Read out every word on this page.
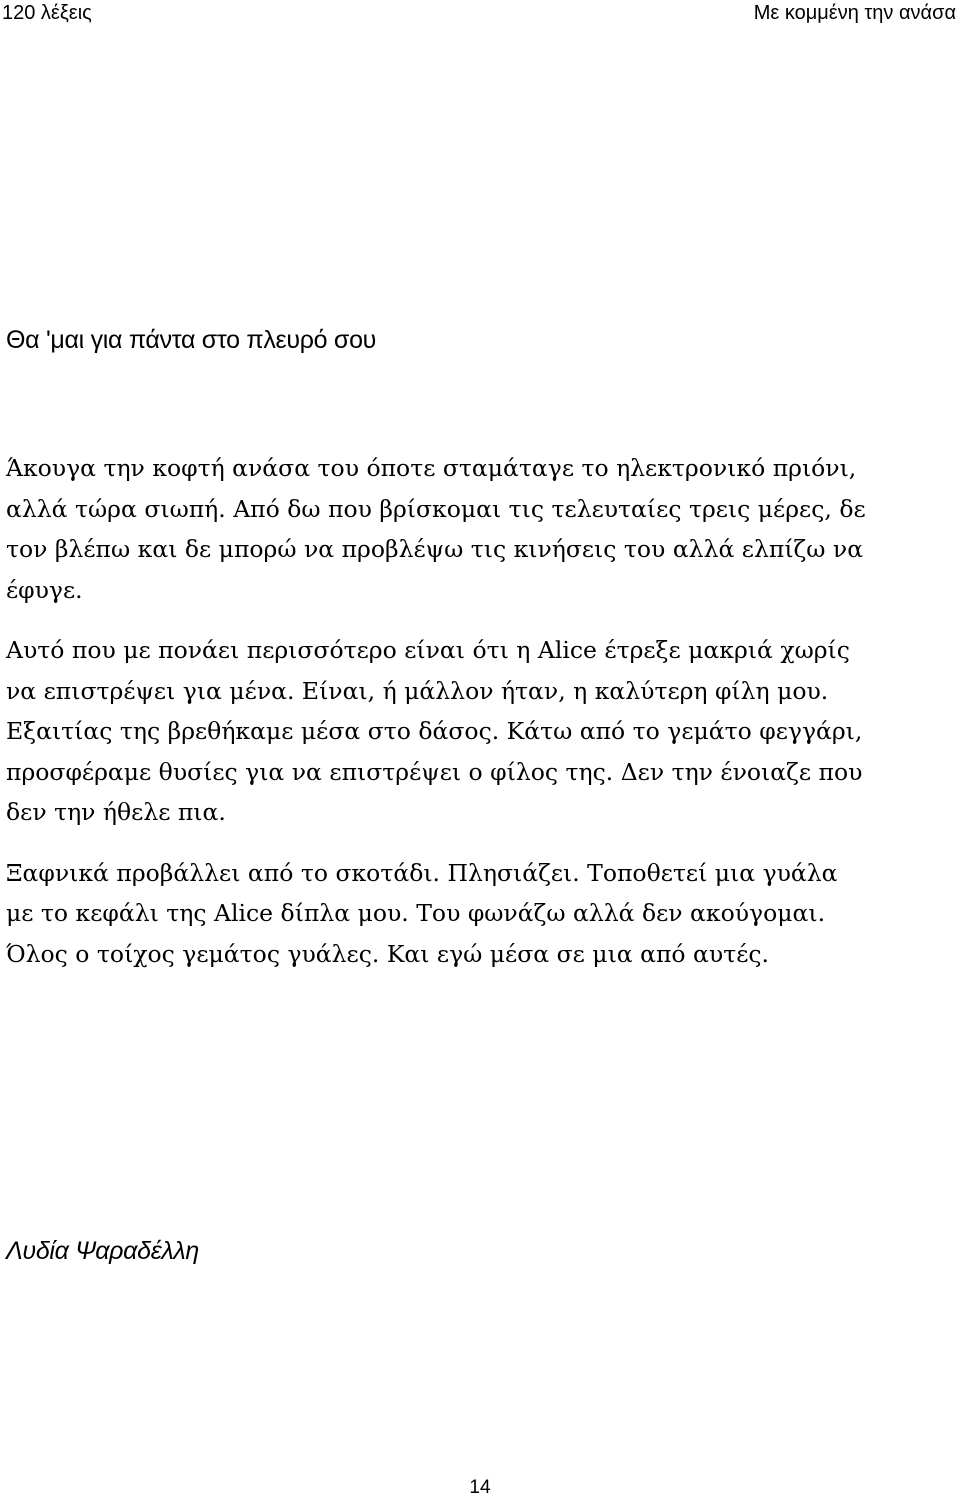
120 λέξεις	Με κομμένη την ανάσα
Θα 'μαι για πάντα στο πλευρό σου

Άκουγα την κοφτή ανάσα του όποτε σταμάταγε το ηλεκτρονικό πριόνι,
αλλά τώρα σιωπή. Από δω που βρίσκομαι τις τελευταίες τρεις μέρες, δε
τον βλέπω και δε μπορώ να προβλέψω τις κινήσεις του αλλά ελπίζω να
έφυγε.

Αυτό που με πονάει περισσότερο είναι ότι η Alice έτρεξε μακριά χωρίς
να επιστρέψει για μένα. Είναι, ή μάλλον ήταν, η καλύτερη φίλη μου.
Εξαιτίας της βρεθήκαμε μέσα στο δάσος. Κάτω από το γεμάτο φεγγάρι,
προσφέραμε θυσίες για να επιστρέψει ο φίλος της. Δεν την ένοιαζε που
δεν την ήθελε πια.

Ξαφνικά προβάλλει από το σκοτάδι. Πλησιάζει. Τοποθετεί μια γυάλα
με το κεφάλι της Alice δίπλα μου. Του φωνάζω αλλά δεν ακούγομαι.
Όλος ο τοίχος γεμάτος γυάλες. Και εγώ μέσα σε μια από αυτές.

Λυδία Ψαραδέλλη
14
